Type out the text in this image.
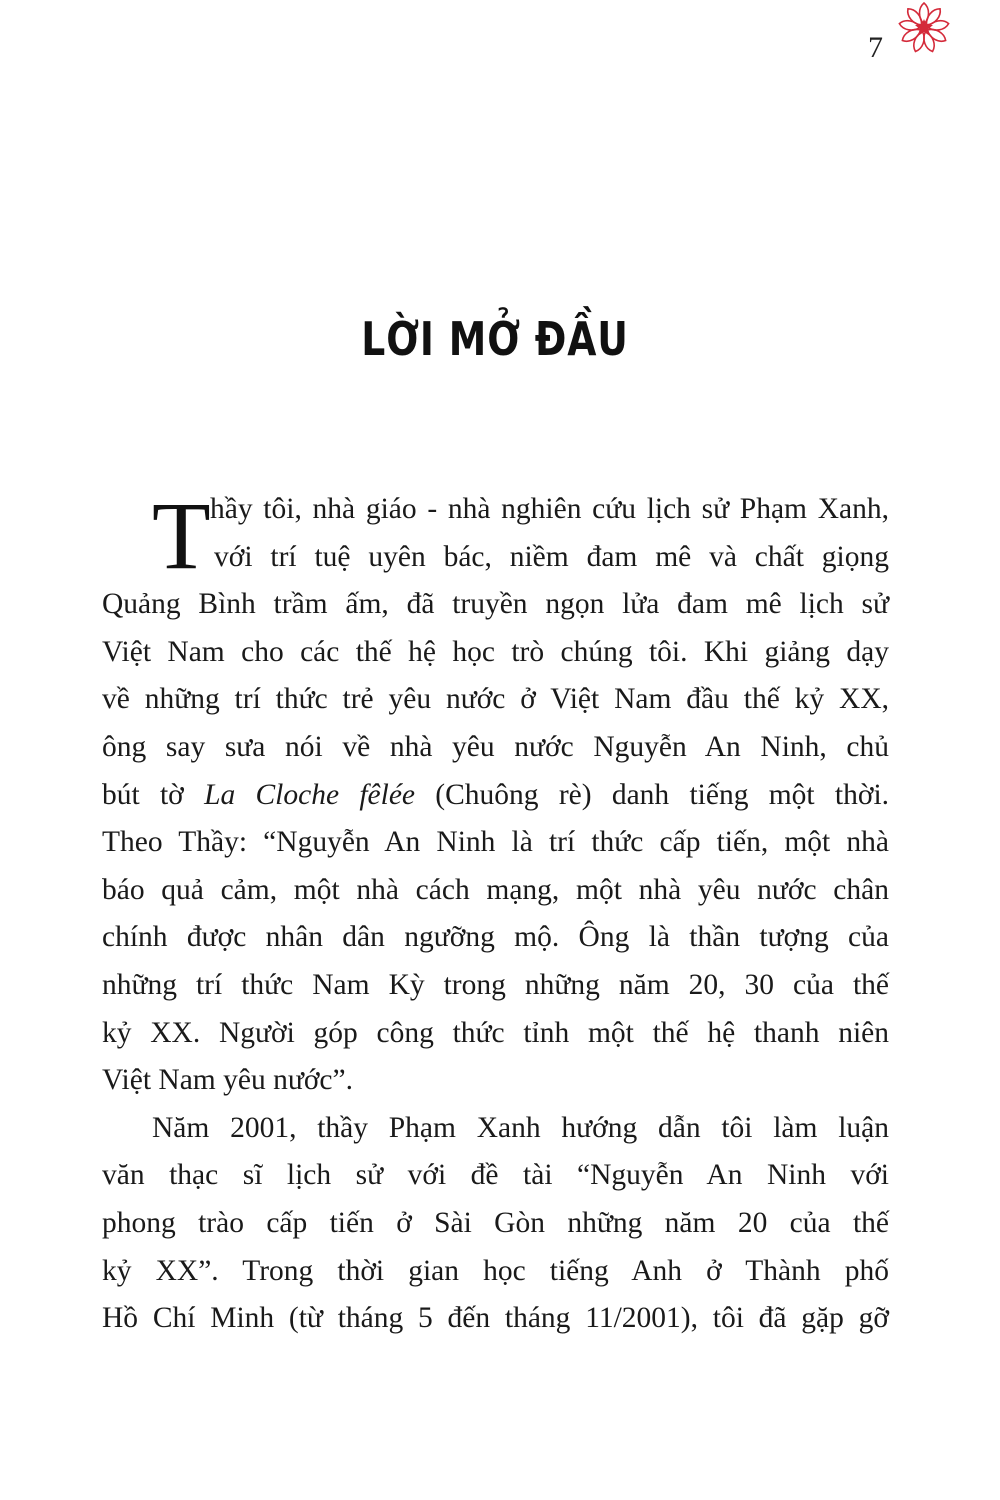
7
LỜI MỞ ĐẦU
T hầy tôi, nhà giáo - nhà nghiên cứu lịch sử Phạm Xanh,
với trí tuệ uyên bác, niềm đam mê và chất giọng
Quảng Bình trầm ấm, đã truyền ngọn lửa đam mê lịch sử
Việt Nam cho các thế hệ học trò chúng tôi. Khi giảng dạy
về những trí thức trẻ yêu nước ở Việt Nam đầu thế kỷ XX,
ông say sưa nói về nhà yêu nước Nguyễn An Ninh, chủ
bút tờ La Cloche fêlée (Chuông rè) danh tiếng một thời.
Theo Thầy: “Nguyễn An Ninh là trí thức cấp tiến, một nhà
báo quả cảm, một nhà cách mạng, một nhà yêu nước chân
chính được nhân dân ngưỡng mộ. Ông là thần tượng của
những trí thức Nam Kỳ trong những năm 20, 30 của thế
kỷ XX. Người góp công thức tỉnh một thế hệ thanh niên
Việt Nam yêu nước”.
Năm 2001, thầy Phạm Xanh hướng dẫn tôi làm luận
văn thạc sĩ lịch sử với đề tài “Nguyễn An Ninh với
phong trào cấp tiến ở Sài Gòn những năm 20 của thế
kỷ XX”. Trong thời gian học tiếng Anh ở Thành phố
Hồ Chí Minh (từ tháng 5 đến tháng 11/2001), tôi đã gặp gỡ
